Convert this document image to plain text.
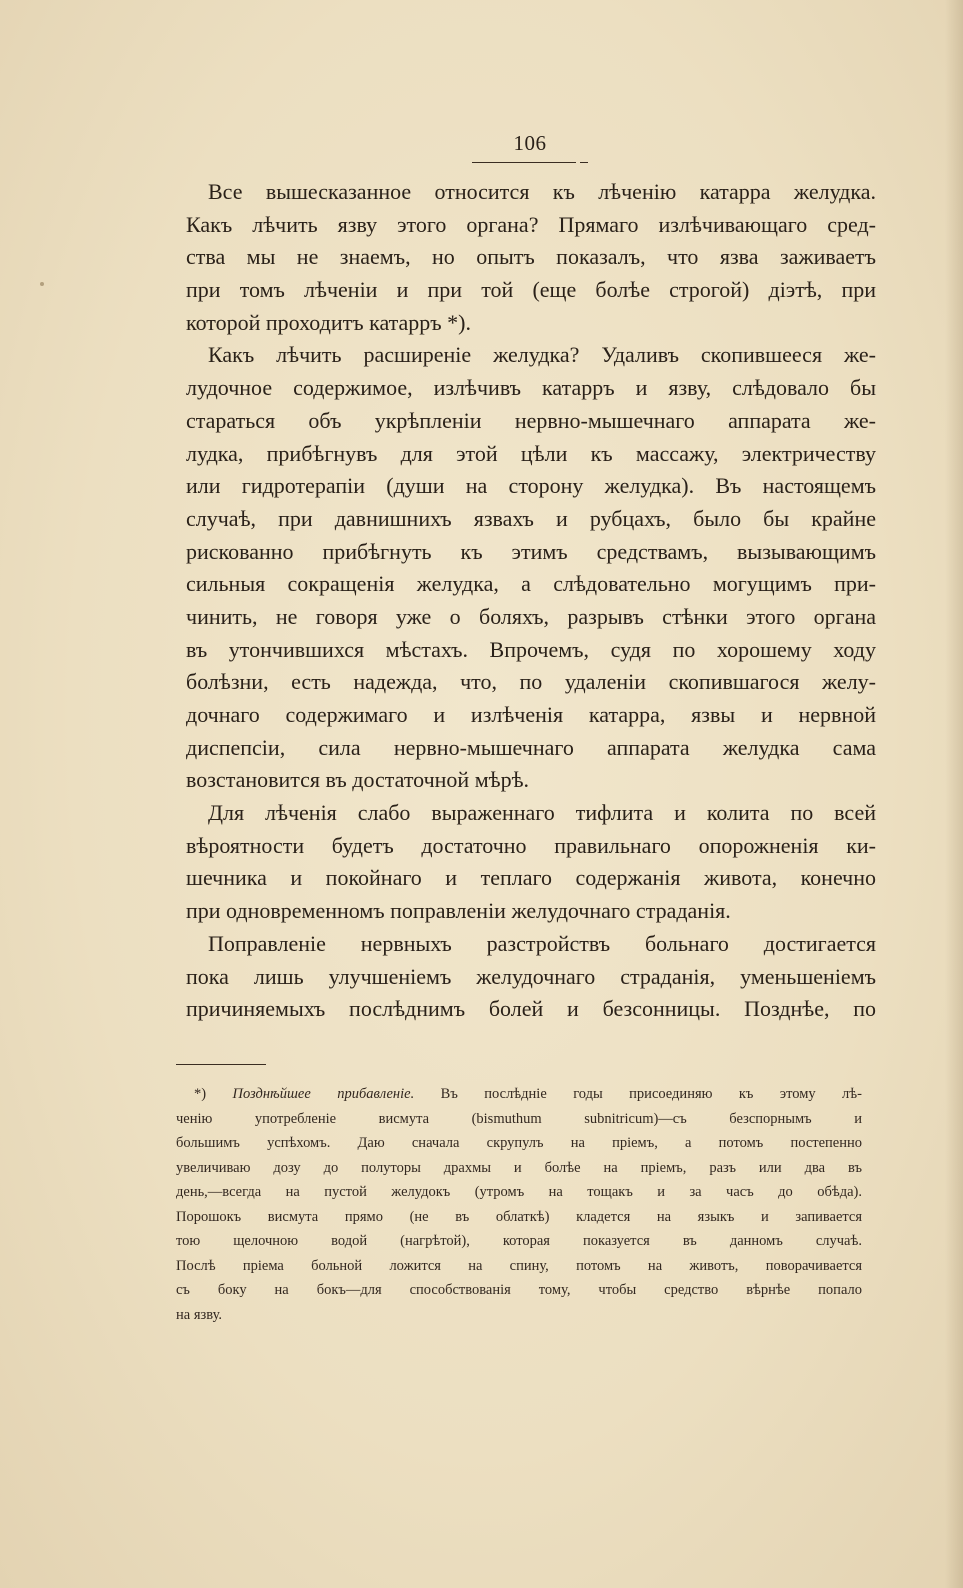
106
Все вышесказанное относится къ лѣченію катарра желудка.
Какъ лѣчить язву этого органа? Прямаго излѣчивающаго сред-
ства мы не знаемъ, но опытъ показалъ, что язва заживаетъ
при томъ лѣченіи и при той (еще болѣе строгой) діэтѣ, при
которой проходитъ катарръ *).
Какъ лѣчить расширеніе желудка? Удаливъ скопившееся же-
лудочное содержимое, излѣчивъ катарръ и язву, слѣдовало бы
стараться объ укрѣпленіи нервно-мышечнаго аппарата же-
лудка, прибѣгнувъ для этой цѣли къ массажу, электричеству
или гидротерапіи (души на сторону желудка). Въ настоящемъ
случаѣ, при давнишнихъ язвахъ и рубцахъ, было бы крайне
рискованно прибѣгнуть къ этимъ средствамъ, вызывающимъ
сильныя сокращенія желудка, а слѣдовательно могущимъ при-
чинить, не говоря уже о боляхъ, разрывъ стѣнки этого органа
въ утончившихся мѣстахъ. Впрочемъ, судя по хорошему ходу
болѣзни, есть надежда, что, по удаленіи скопившагося желу-
дочнаго содержимаго и излѣченія катарра, язвы и нервной
диспепсіи, сила нервно-мышечнаго аппарата желудка сама
возстановится въ достаточной мѣрѣ.
Для лѣченія слабо выраженнаго тифлита и колита по всей
вѣроятности будетъ достаточно правильнаго опорожненія ки-
шечника и покойнаго и теплаго содержанія живота, конечно
при одновременномъ поправленіи желудочнаго страданія.
Поправленіе нервныхъ разстройствъ больнаго достигается
пока лишь улучшеніемъ желудочнаго страданія, уменьшеніемъ
причиняемыхъ послѣднимъ болей и безсонницы. Позднѣе, по
*) Позднѣйшее прибавленіе. Въ послѣдніе годы присоединяю къ этому лѣ-
ченію употребленіе висмута (bismuthum subnitricum)—съ безспорнымъ и
большимъ успѣхомъ. Даю сначала скрупулъ на пріемъ, а потомъ постепенно
увеличиваю дозу до полуторы драхмы и болѣе на пріемъ, разъ или два въ
день,—всегда на пустой желудокъ (утромъ на тощакъ и за часъ до обѣда).
Порошокъ висмута прямо (не въ облаткѣ) кладется на языкъ и запивается
тою щелочною водой (нагрѣтой), которая показуется въ данномъ случаѣ.
Послѣ пріема больной ложится на спину, потомъ на животъ, поворачивается
съ боку на бокъ—для способствованія тому, чтобы средство вѣрнѣе попало
на язву.
